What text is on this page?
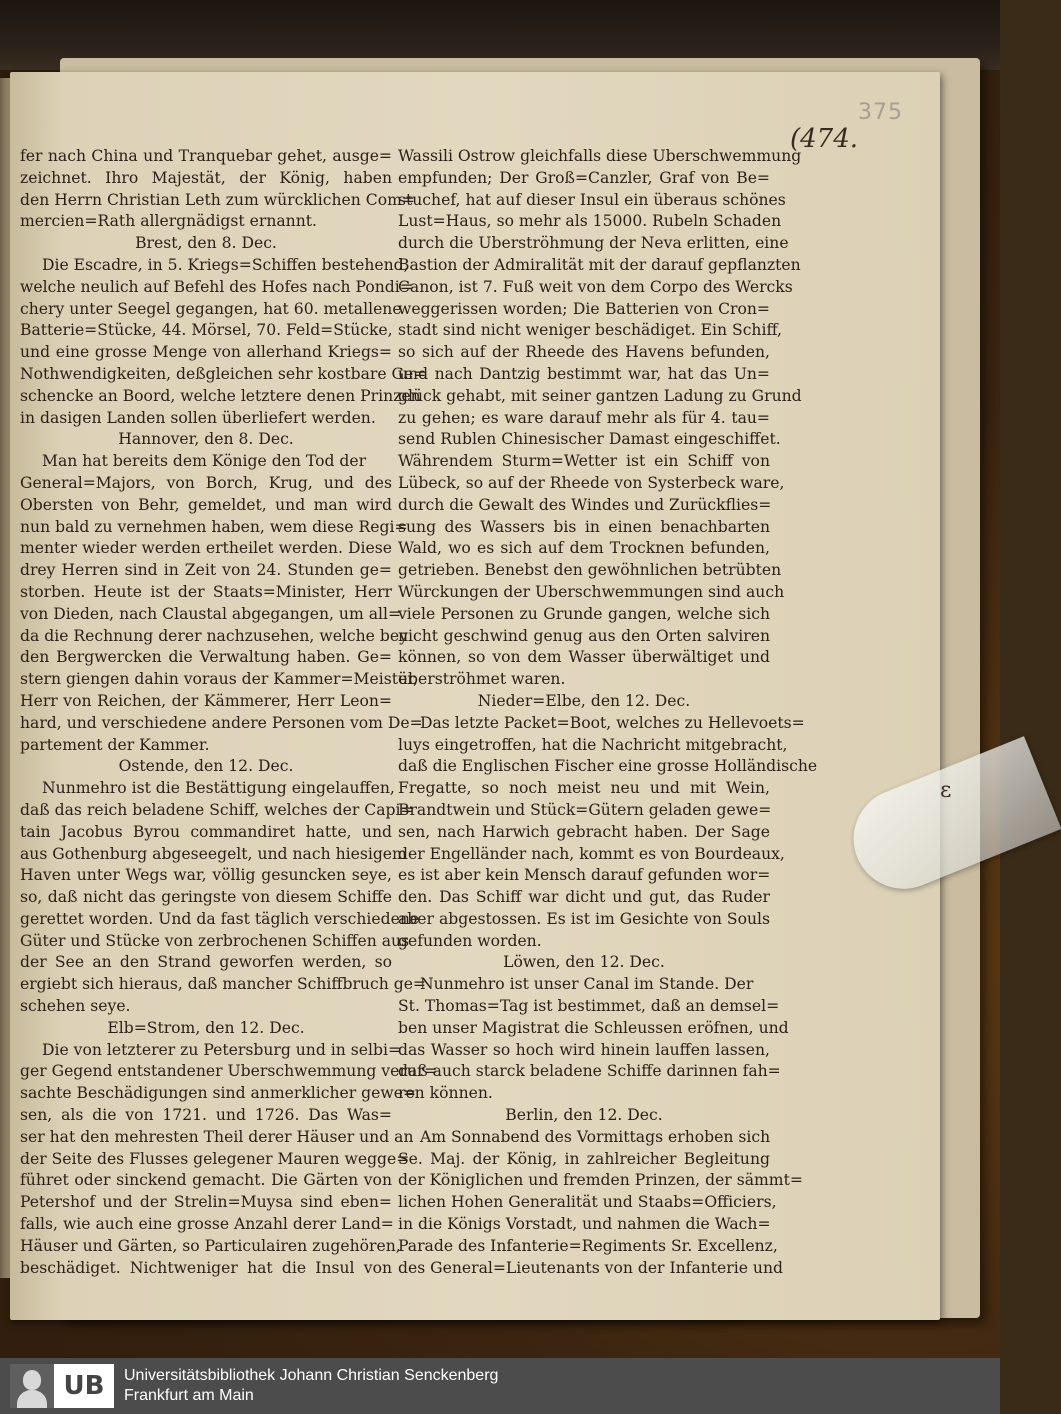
375
(474.
fer nach China und Tranquebar gehet, ausge=
zeichnet. Ihro Majestät, der König, haben
den Herrn Christian Leth zum würcklichen Com=
mercien=Rath allergnädigst ernannt.
Brest, den 8. Dec.
Die Escadre, in 5. Kriegs=Schiffen bestehend,
welche neulich auf Befehl des Hofes nach Pondi=
chery unter Seegel gegangen, hat 60. metallene
Batterie=Stücke, 44. Mörsel, 70. Feld=Stücke,
und eine grosse Menge von allerhand Kriegs=
Nothwendigkeiten, deßgleichen sehr kostbare Ge=
schencke an Boord, welche letztere denen Prinzen
in dasigen Landen sollen überliefert werden.
Hannover, den 8. Dec.
Man hat bereits dem Könige den Tod der
General=Majors, von Borch, Krug, und des
Obersten von Behr, gemeldet, und man wird
nun bald zu vernehmen haben, wem diese Regi=
menter wieder werden ertheilet werden. Diese
drey Herren sind in Zeit von 24. Stunden ge=
storben. Heute ist der Staats=Minister, Herr
von Dieden, nach Claustal abgegangen, um all=
da die Rechnung derer nachzusehen, welche bey
den Bergwercken die Verwaltung haben. Ge=
stern giengen dahin voraus der Kammer=Meister,
Herr von Reichen, der Kämmerer, Herr Leon=
hard, und verschiedene andere Personen vom De=
partement der Kammer.
Ostende, den 12. Dec.
Nunmehro ist die Bestättigung eingelauffen,
daß das reich beladene Schiff, welches der Capi=
tain Jacobus Byrou commandiret hatte, und
aus Gothenburg abgeseegelt, und nach hiesigem
Haven unter Wegs war, völlig gesuncken seye,
so, daß nicht das geringste von diesem Schiffe
gerettet worden. Und da fast täglich verschiedene
Güter und Stücke von zerbrochenen Schiffen aus
der See an den Strand geworfen werden, so
ergiebt sich hieraus, daß mancher Schiffbruch ge=
schehen seye.
Elb=Strom, den 12. Dec.
Die von letzterer zu Petersburg und in selbi=
ger Gegend entstandener Uberschwemmung verur=
sachte Beschädigungen sind anmerklicher gewe=
sen, als die von 1721. und 1726. Das Was=
ser hat den mehresten Theil derer Häuser und an
der Seite des Flusses gelegener Mauren wegge=
führet oder sinckend gemacht. Die Gärten von
Petershof und der Strelin=Muysa sind eben=
falls, wie auch eine grosse Anzahl derer Land=
Häuser und Gärten, so Particulairen zugehören,
beschädiget. Nichtweniger hat die Insul von
Wassili Ostrow gleichfalls diese Uberschwemmung
empfunden; Der Groß=Canzler, Graf von Be=
stuchef, hat auf dieser Insul ein überaus schönes
Lust=Haus, so mehr als 15000. Rubeln Schaden
durch die Uberströhmung der Neva erlitten, eine
Bastion der Admiralität mit der darauf gepflanzten
Canon, ist 7. Fuß weit von dem Corpo des Wercks
weggerissen worden; Die Batterien von Cron=
stadt sind nicht weniger beschädiget. Ein Schiff,
so sich auf der Rheede des Havens befunden,
und nach Dantzig bestimmt war, hat das Un=
glück gehabt, mit seiner gantzen Ladung zu Grund
zu gehen; es ware darauf mehr als für 4. tau=
send Rublen Chinesischer Damast eingeschiffet.
Währendem Sturm=Wetter ist ein Schiff von
Lübeck, so auf der Rheede von Systerbeck ware,
durch die Gewalt des Windes und Zurückflies=
sung des Wassers bis in einen benachbarten
Wald, wo es sich auf dem Trocknen befunden,
getrieben. Benebst den gewöhnlichen betrübten
Würckungen der Uberschwemmungen sind auch
viele Personen zu Grunde gangen, welche sich
nicht geschwind genug aus den Orten salviren
können, so von dem Wasser überwältiget und
überströhmet waren.
Nieder=Elbe, den 12. Dec.
Das letzte Packet=Boot, welches zu Hellevoets=
luys eingetroffen, hat die Nachricht mitgebracht,
daß die Englischen Fischer eine grosse Holländische
Fregatte, so noch meist neu und mit Wein,
Brandtwein und Stück=Gütern geladen gewe=
sen, nach Harwich gebracht haben. Der Sage
der Engelländer nach, kommt es von Bourdeaux,
es ist aber kein Mensch darauf gefunden wor=
den. Das Schiff war dicht und gut, das Ruder
aber abgestossen. Es ist im Gesichte von Souls
gefunden worden.
Löwen, den 12. Dec.
Nunmehro ist unser Canal im Stande. Der
St. Thomas=Tag ist bestimmet, daß an demsel=
ben unser Magistrat die Schleussen eröfnen, und
das Wasser so hoch wird hinein lauffen lassen,
daß auch starck beladene Schiffe darinnen fah=
ren können.
Berlin, den 12. Dec.
Am Sonnabend des Vormittags erhoben sich
Se. Maj. der König, in zahlreicher Begleitung
der Königlichen und fremden Prinzen, der sämmt=
lichen Hohen Generalität und Staabs=Officiers,
in die Königs Vorstadt, und nahmen die Wach=
Parade des Infanterie=Regiments Sr. Excellenz,
des General=Lieutenants von der Infanterie und
ɛ
UB	Universitätsbibliothek Johann Christian Senckenberg
Frankfurt am Main
